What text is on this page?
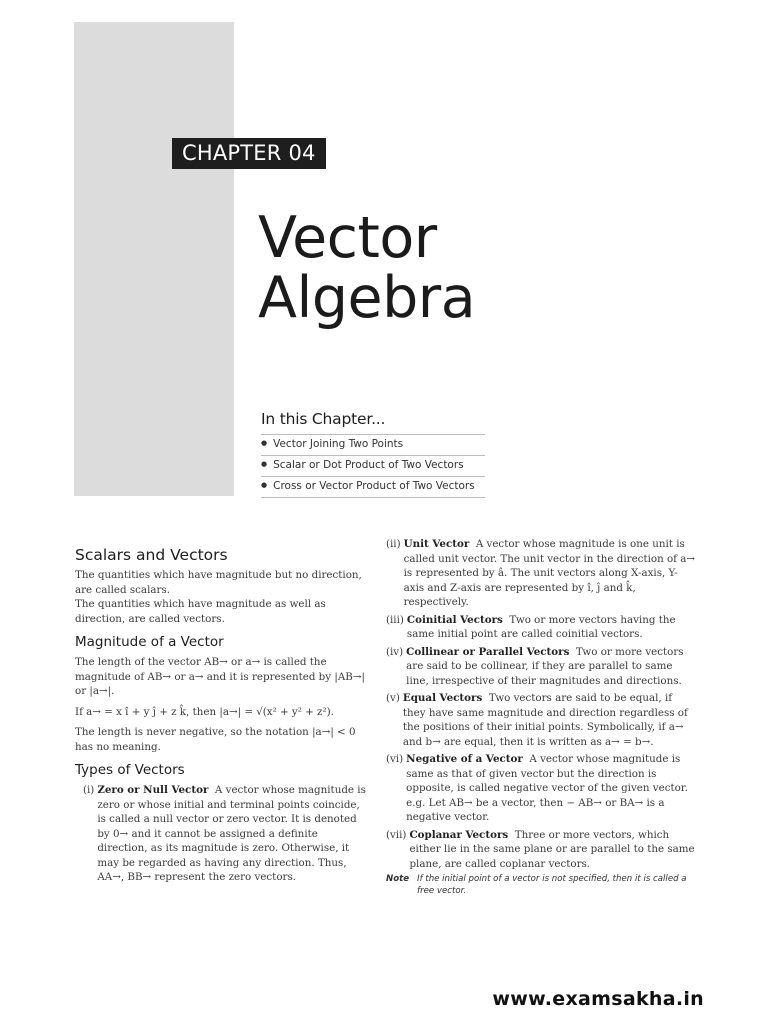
CHAPTER 04
Vector
Algebra
In this Chapter...
● Vector Joining Two Points
● Scalar or Dot Product of Two Vectors
● Cross or Vector Product of Two Vectors
Scalars and Vectors

The quantities which have magnitude but no direction, are called scalars.

The quantities which have magnitude as well as direction, are called vectors.

Magnitude of a Vector

The length of the vector AB→ or a→ is called the magnitude of AB→ or a→ and it is represented by |AB→| or |a→|.

If a→ = x î + y ĵ + z k̂, then |a→| = √(x² + y² + z²).

The length is never negative, so the notation |a→| < 0 has no meaning.

Types of Vectors
(i) Zero or Null Vector A vector whose magnitude is zero or whose initial and terminal points coincide, is called a null vector or zero vector. It is denoted by 0→ and it cannot be assigned a definite direction, as its magnitude is zero. Otherwise, it may be regarded as having any direction. Thus, AA→, BB→ represent the zero vectors.
(ii) Unit Vector A vector whose magnitude is one unit is called unit vector. The unit vector in the direction of a→ is represented by â. The unit vectors along X-axis, Y-axis and Z-axis are represented by î, ĵ and k̂, respectively.
(iii) Coinitial Vectors Two or more vectors having the same initial point are called coinitial vectors.
(iv) Collinear or Parallel Vectors Two or more vectors are said to be collinear, if they are parallel to same line, irrespective of their magnitudes and directions.
(v) Equal Vectors Two vectors are said to be equal, if they have same magnitude and direction regardless of the positions of their initial points. Symbolically, if a→ and b→ are equal, then it is written as a→ = b→.
(vi) Negative of a Vector A vector whose magnitude is same as that of given vector but the direction is opposite, is called negative vector of the given vector. e.g. Let AB→ be a vector, then − AB→ or BA→ is a negative vector.
(vii) Coplanar Vectors Three or more vectors, which either lie in the same plane or are parallel to the same plane, are called coplanar vectors.
Note If the initial point of a vector is not specified, then it is called a free vector.
www.examsakha.in
